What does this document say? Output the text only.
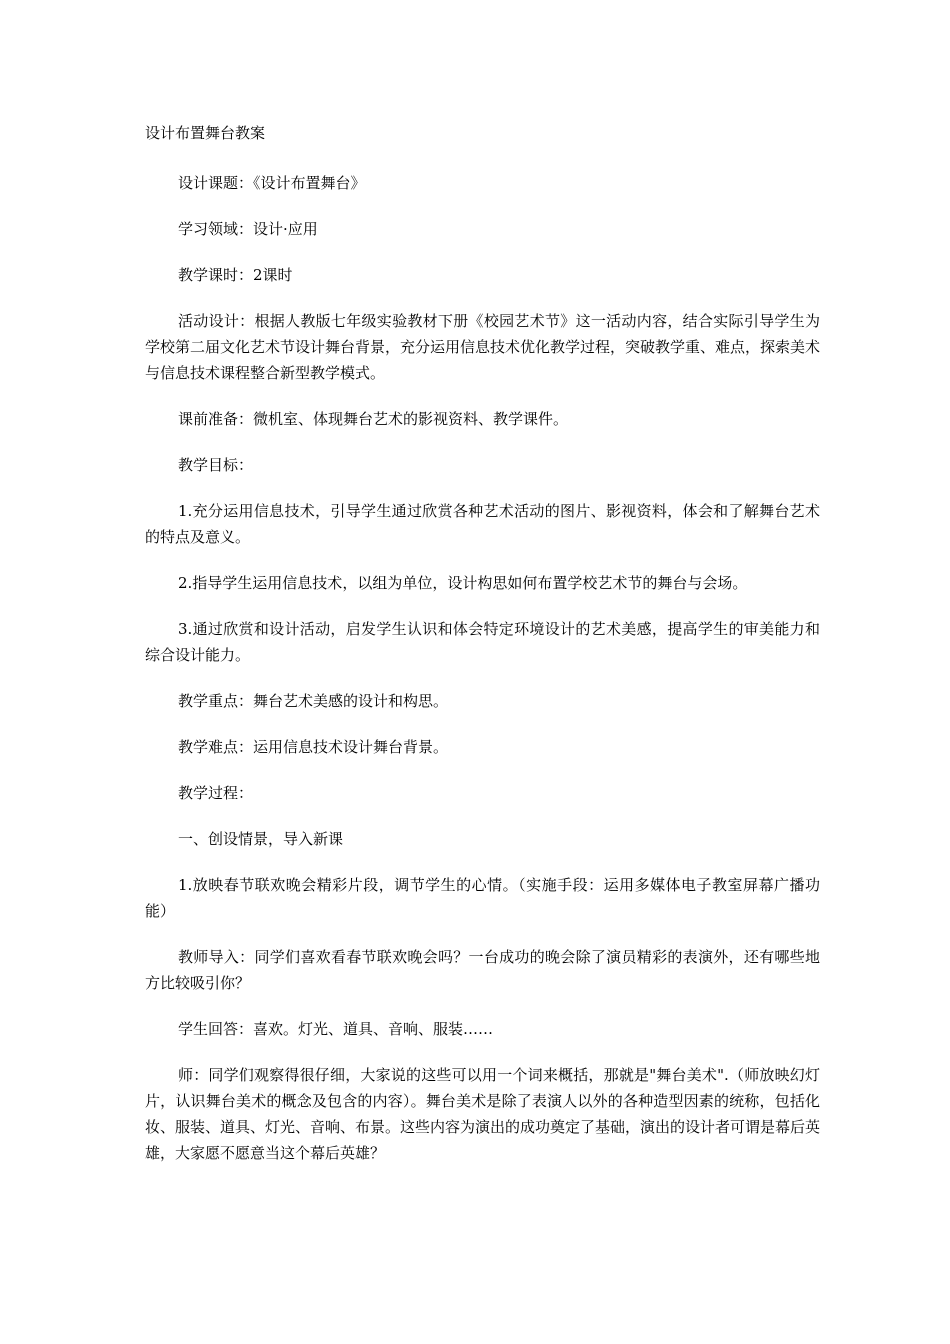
设计布置舞台教案

设计课题：《设计布置舞台》

学习领域：设计·应用

教学课时：2课时

活动设计：根据人教版七年级实验教材下册《校园艺术节》这一活动内容，结合实际引导学生为学校第二届文化艺术节设计舞台背景，充分运用信息技术优化教学过程，突破教学重、难点，探索美术与信息技术课程整合新型教学模式。

课前准备：微机室、体现舞台艺术的影视资料、教学课件。

教学目标：

1.充分运用信息技术，引导学生通过欣赏各种艺术活动的图片、影视资料，体会和了解舞台艺术的特点及意义。

2.指导学生运用信息技术，以组为单位，设计构思如何布置学校艺术节的舞台与会场。

3.通过欣赏和设计活动，启发学生认识和体会特定环境设计的艺术美感，提高学生的审美能力和综合设计能力。

教学重点：舞台艺术美感的设计和构思。

教学难点：运用信息技术设计舞台背景。

教学过程：

一、创设情景，导入新课

1.放映春节联欢晚会精彩片段，调节学生的心情。（实施手段：运用多媒体电子教室屏幕广播功能）

教师导入：同学们喜欢看春节联欢晚会吗？一台成功的晚会除了演员精彩的表演外，还有哪些地方比较吸引你？

学生回答：喜欢。灯光、道具、音响、服装……

师：同学们观察得很仔细，大家说的这些可以用一个词来概括，那就是"舞台美术".（师放映幻灯片，认识舞台美术的概念及包含的内容）。舞台美术是除了表演人以外的各种造型因素的统称，包括化妆、服装、道具、灯光、音响、布景。这些内容为演出的成功奠定了基础，演出的设计者可谓是幕后英雄，大家愿不愿意当这个幕后英雄？
